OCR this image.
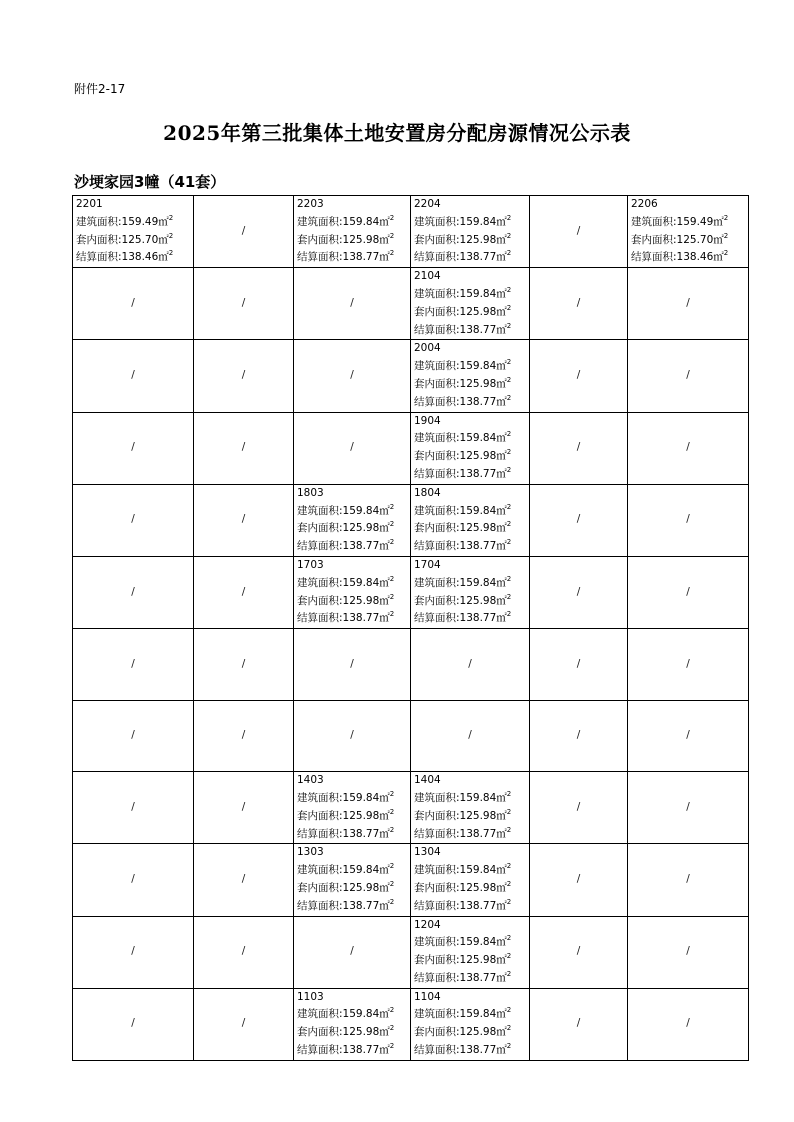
附件2-17
2025年第三批集体土地安置房分配房源情况公示表
沙埂家园3幢（41套）
2201
建筑面积:159.49㎡$^2$
套内面积:125.70㎡$^2$
结算面积:138.46㎡$^2$	/	2203
建筑面积:159.84㎡$^2$
套内面积:125.98㎡$^2$
结算面积:138.77㎡$^2$	2204
建筑面积:159.84㎡$^2$
套内面积:125.98㎡$^2$
结算面积:138.77㎡$^2$	/	2206
建筑面积:159.49㎡$^2$
套内面积:125.70㎡$^2$
结算面积:138.46㎡$^2$

/	/	/	2104
建筑面积:159.84㎡$^2$
套内面积:125.98㎡$^2$
结算面积:138.77㎡$^2$	/	/
/	/	/	2004
建筑面积:159.84㎡$^2$
套内面积:125.98㎡$^2$
结算面积:138.77㎡$^2$	/	/
/	/	/	1904
建筑面积:159.84㎡$^2$
套内面积:125.98㎡$^2$
结算面积:138.77㎡$^2$	/	/
/	/	1803
建筑面积:159.84㎡$^2$
套内面积:125.98㎡$^2$
结算面积:138.77㎡$^2$	1804
建筑面积:159.84㎡$^2$
套内面积:125.98㎡$^2$
结算面积:138.77㎡$^2$	/	/
/	/	1703
建筑面积:159.84㎡$^2$
套内面积:125.98㎡$^2$
结算面积:138.77㎡$^2$	1704
建筑面积:159.84㎡$^2$
套内面积:125.98㎡$^2$
结算面积:138.77㎡$^2$	/	/
/	/	/	/	/	/
/	/	/	/	/	/
/	/	1403
建筑面积:159.84㎡$^2$
套内面积:125.98㎡$^2$
结算面积:138.77㎡$^2$	1404
建筑面积:159.84㎡$^2$
套内面积:125.98㎡$^2$
结算面积:138.77㎡$^2$	/	/
/	/	1303
建筑面积:159.84㎡$^2$
套内面积:125.98㎡$^2$
结算面积:138.77㎡$^2$	1304
建筑面积:159.84㎡$^2$
套内面积:125.98㎡$^2$
结算面积:138.77㎡$^2$	/	/
/	/	/	1204
建筑面积:159.84㎡$^2$
套内面积:125.98㎡$^2$
结算面积:138.77㎡$^2$	/	/
/	/	1103
建筑面积:159.84㎡$^2$
套内面积:125.98㎡$^2$
结算面积:138.77㎡$^2$	1104
建筑面积:159.84㎡$^2$
套内面积:125.98㎡$^2$
结算面积:138.77㎡$^2$	/	/
